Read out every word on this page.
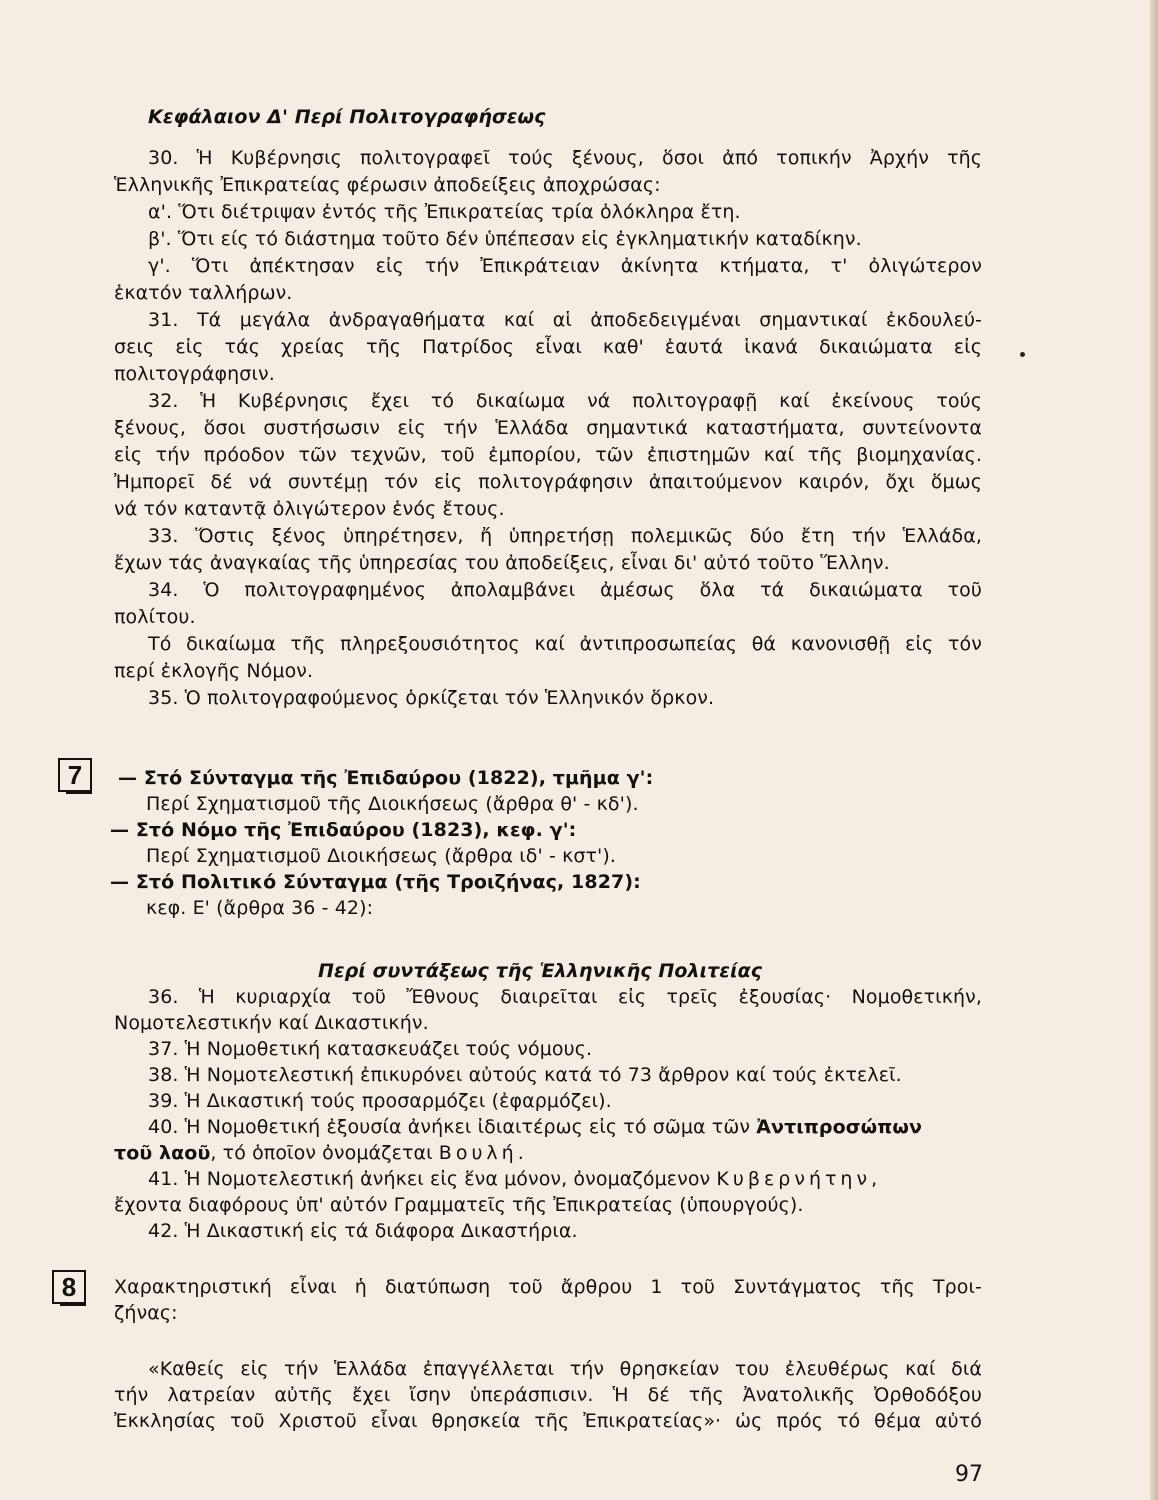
Κεφάλαιον Δ' Περί Πολιτογραφήσεως
30. Ἡ Κυβέρνησις πολιτογραφεῖ τούς ξένους, ὅσοι ἀπό τοπικήν Ἀρχήν τῆς
Ἑλληνικῆς Ἐπικρατείας φέρωσιν ἀποδείξεις ἀποχρώσας:
α'. Ὅτι διέτριψαν ἐντός τῆς Ἐπικρατείας τρία ὁλόκληρα ἔτη.
β'. Ὅτι είς τό διάστημα τοῦτο δέν ὑπέπεσαν εἰς ἐγκληματικήν καταδίκην.
γ'. Ὅτι ἀπέκτησαν εἰς τήν Ἐπικράτειαν ἀκίνητα κτήματα, τ' ὀλιγώτερον
ἑκατόν ταλλήρων.
31. Τά μεγάλα ἀνδραγαθήματα καί αἱ ἀποδεδειγμέναι σημαντικαί ἐκδουλεύ-
σεις εἰς τάς χρείας τῆς Πατρίδος εἶναι καθ' ἑαυτά ἱκανά δικαιώματα εἰς
πολιτογράφησιν.
32. Ἡ Κυβέρνησις ἔχει τό δικαίωμα νά πολιτογραφῇ καί ἐκείνους τούς
ξένους, ὅσοι συστήσωσιν εἰς τήν Ἑλλάδα σημαντικά καταστήματα, συντείνοντα
εἰς τήν πρόοδον τῶν τεχνῶν, τοῦ ἐμπορίου, τῶν ἐπιστημῶν καί τῆς βιομηχανίας.
Ἠμπορεῖ δέ νά συντέμῃ τόν εἰς πολιτογράφησιν ἀπαιτούμενον καιρόν, ὄχι ὅμως
νά τόν καταντᾷ ὀλιγώτερον ἑνός ἔτους.
33. Ὅστις ξένος ὑπηρέτησεν, ἤ ὑπηρετήσῃ πολεμικῶς δύο ἔτη τήν Ἑλλάδα,
ἔχων τάς ἀναγκαίας τῆς ὑπηρεσίας του ἀποδείξεις, εἶναι δι' αὐτό τοῦτο Ἕλλην.
34. Ὁ πολιτογραφημένος ἀπολαμβάνει ἀμέσως ὅλα τά δικαιώματα τοῦ
πολίτου.
Τό δικαίωμα τῆς πληρεξουσιότητος καί ἀντιπροσωπείας θά κανονισθῇ εἰς τόν
περί ἐκλογῆς Νόμον.
35. Ὁ πολιτογραφούμενος ὁρκίζεται τόν Ἑλληνικόν ὅρκον.
7	— Στό Σύνταγμα τῆς Ἐπιδαύρου (1822), τμῆμα γ':
Περί Σχηματισμοῦ τῆς Διοικήσεως (ἄρθρα θ' - κδ').
— Στό Νόμο τῆς Ἐπιδαύρου (1823), κεφ. γ':
Περί Σχηματισμοῦ Διοικήσεως (ἄρθρα ιδ' - κστ').
— Στό Πολιτικό Σύνταγμα (τῆς Τροιζήνας, 1827):
κεφ. Ε' (ἄρθρα 36 - 42):
Περί συντάξεως τῆς Ἑλληνικῆς Πολιτείας
36. Ἡ κυριαρχία τοῦ Ἔθνους διαιρεῖται εἰς τρεῖς ἐξουσίας· Νομοθετικήν,
Νομοτελεστικήν καί Δικαστικήν.
37. Ἡ Νομοθετική κατασκευάζει τούς νόμους.
38. Ἡ Νομοτελεστική ἐπικυρόνει αὐτούς κατά τό 73 ἄρθρον καί τούς ἐκτελεῖ.
39. Ἡ Δικαστική τούς προσαρμόζει (ἐφαρμόζει).
40. Ἡ Νομοθετική ἐξουσία ἀνήκει ἰδιαιτέρως εἰς τό σῶμα τῶν Ἀντιπροσώπων
τοῦ λαοῦ, τό ὁποῖον ὀνομάζεται Βουλή.
41. Ἡ Νομοτελεστική ἀνήκει εἰς ἕνα μόνον, ὀνομαζόμενον Κυβερνήτην,
ἔχοντα διαφόρους ὑπ' αὐτόν Γραμματεῖς τῆς Ἐπικρατείας (ὑπουργούς).
42. Ἡ Δικαστική εἰς τά διάφορα Δικαστήρια.
8	Χαρακτηριστική εἶναι ἡ διατύπωση τοῦ ἄρθρου 1 τοῦ Συντάγματος τῆς Τροι-
ζήνας:
«Καθείς εἰς τήν Ἑλλάδα ἐπαγγέλλεται τήν θρησκείαν του ἐλευθέρως καί διά
τήν λατρείαν αὐτῆς ἔχει ἴσην ὑπεράσπισιν. Ἡ δέ τῆς Ἀνατολικῆς Ὀρθοδόξου
Ἐκκλησίας τοῦ Χριστοῦ εἶναι θρησκεία τῆς Ἐπικρατείας»· ὡς πρός τό θέμα αὐτό
97
